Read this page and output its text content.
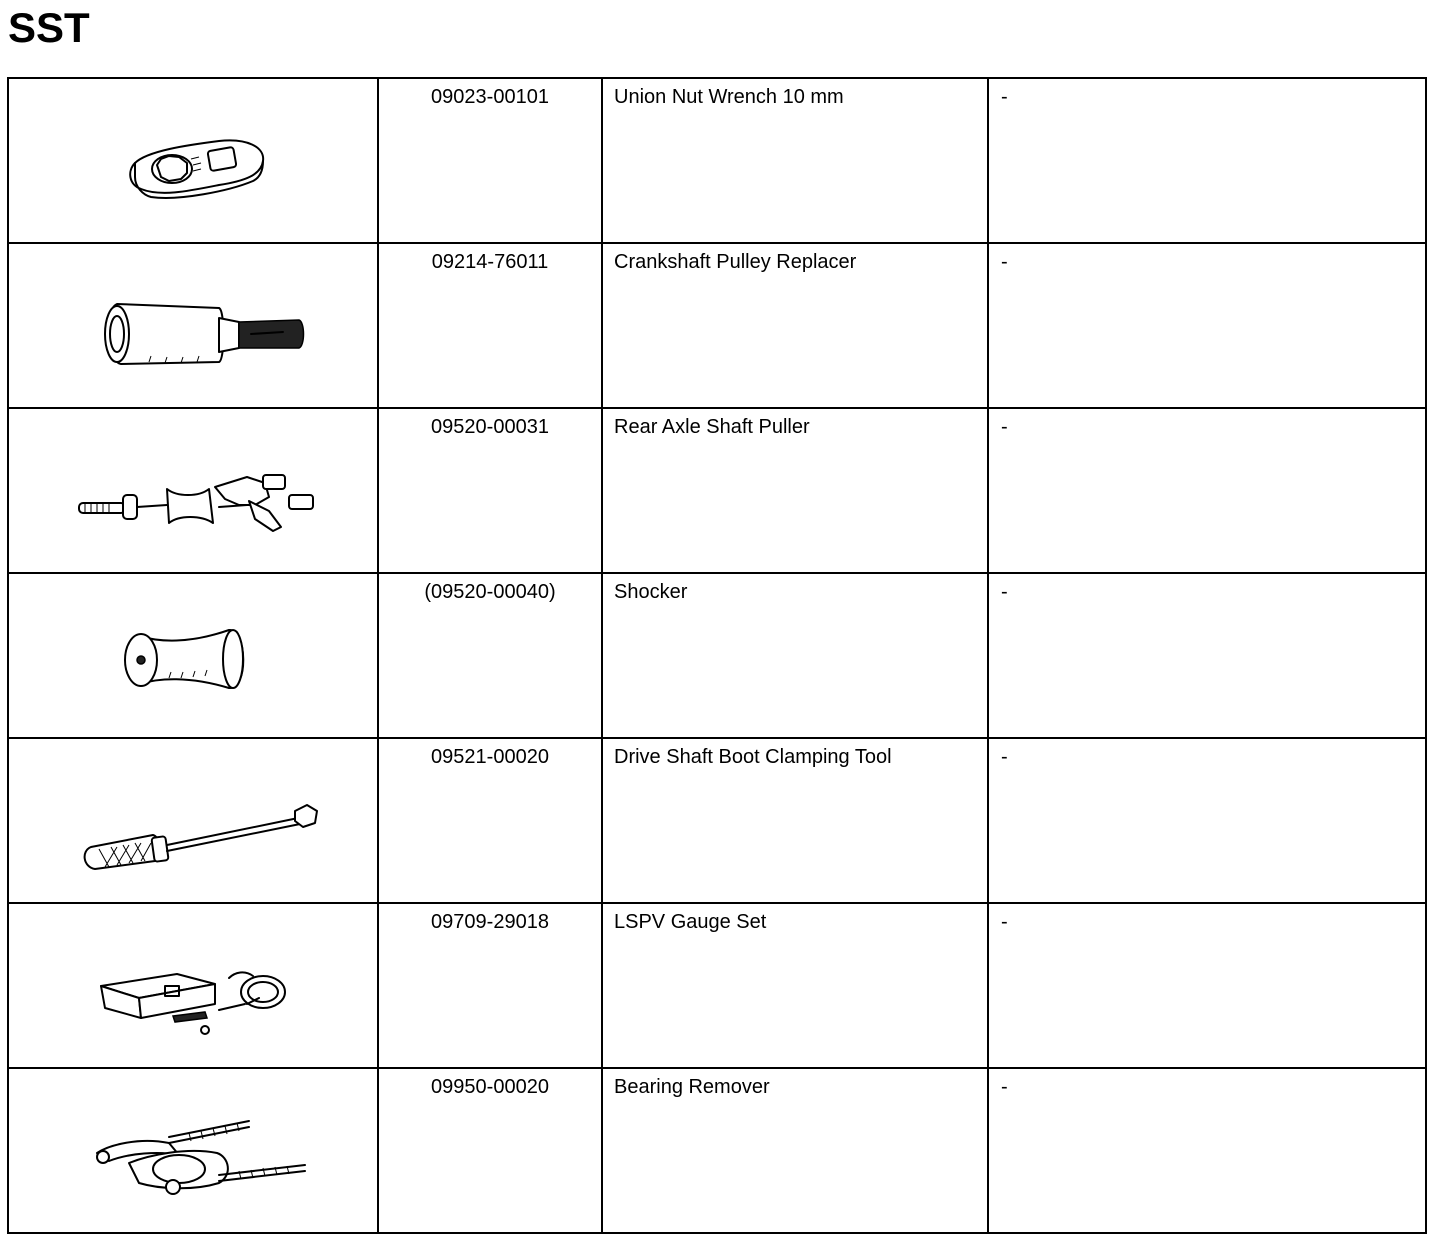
SST
	09023-00101	Union Nut Wrench 10 mm	-

	09214-76011	Crankshaft Pulley Replacer	-

	09520-00031	Rear Axle Shaft Puller	-

	(09520-00040)	Shocker	-

	09521-00020	Drive Shaft Boot Clamping Tool	-

	09709-29018	LSPV Gauge Set	-

	09950-00020	Bearing Remover	-
